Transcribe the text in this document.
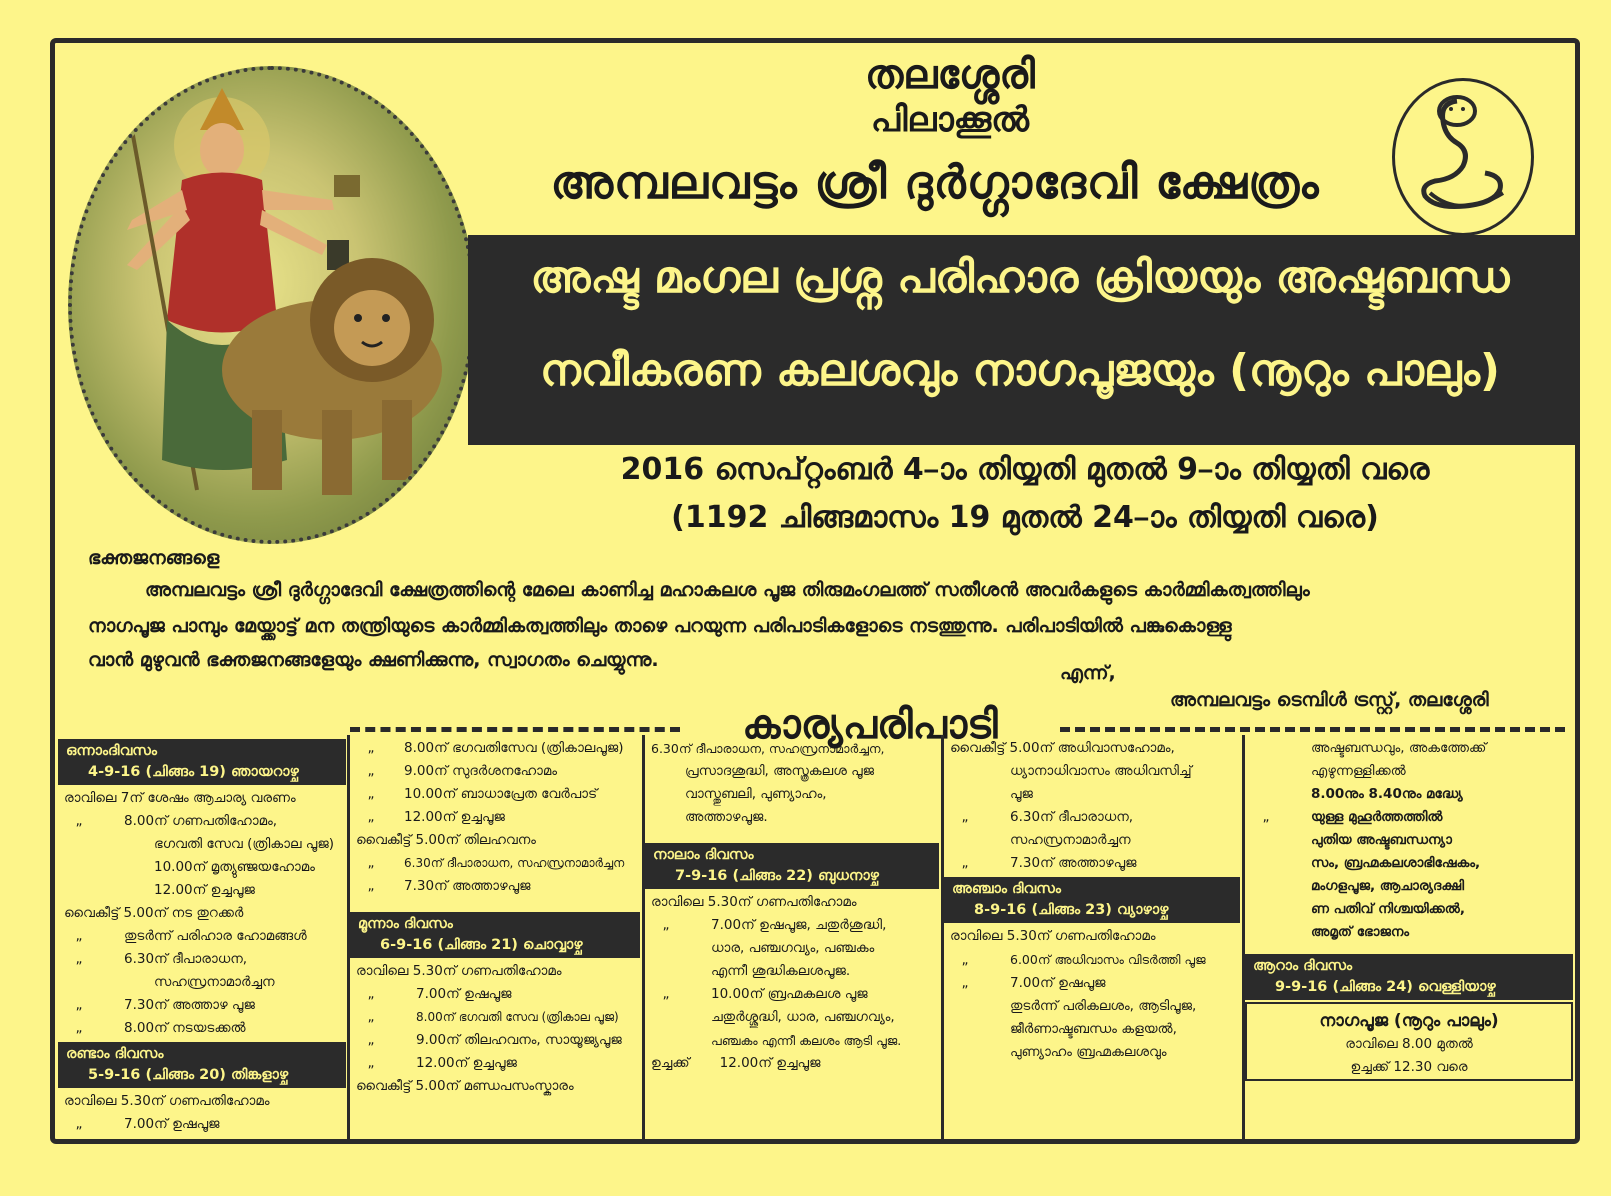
തലശ്ശേരി
പിലാക്കൂൽ
അമ്പലവട്ടം ശ്രീ ദുർഗ്ഗാദേവി ക്ഷേത്രം
അഷ്ട മംഗല പ്രശ്ന പരിഹാര ക്രിയയും അഷ്ടബന്ധ
നവീകരണ കലശവും നാഗപൂജയും (നൂറും പാലും)
2016 സെപ്റ്റംബർ 4–ാം തിയ്യതി മുതൽ 9–ാം തിയ്യതി വരെ
(1192 ചിങ്ങമാസം 19 മുതൽ 24–ാം തിയ്യതി വരെ)
ഭക്തജനങ്ങളെ
അമ്പലവട്ടം ശ്രീ ദുർഗ്ഗാദേവി ക്ഷേത്രത്തിന്റെ മേലെ കാണിച്ച മഹാകലശ പൂജ തിരുമംഗലത്ത് സതീശൻ അവർകളുടെ കാർമ്മികത്വത്തിലും
നാഗപൂജ പാമ്പും മേയ്ക്കാട്ട് മന തന്ത്രിയുടെ കാർമ്മികത്വത്തിലും താഴെ പറയുന്ന പരിപാടികളോടെ നടത്തുന്നു. പരിപാടിയിൽ പങ്കുകൊള്ളു
വാൻ മുഴുവൻ ഭക്തജനങ്ങളേയും ക്ഷണിക്കുന്നു, സ്വാഗതം ചെയ്യുന്നു.
എന്ന്,
അമ്പലവട്ടം ടെമ്പിൾ ട്രസ്റ്റ്, തലശ്ശേരി
കാര്യപരിപാടി
ഒന്നാംദിവസം
4-9-16 (ചിങ്ങം 19) ഞായറാഴ്ച
രാവിലെ 7ന് ശേഷം ആചാര്യ വരണം
„	8.00ന് ഗണപതിഹോമം,
ഭഗവതി സേവ (ത്രികാല പൂജ)
10.00ന് മൃത്യുഞ്ജയഹോമം
12.00ന് ഉച്ചപൂജ
വൈകീട്ട് 5.00ന് നട തുറക്കർ
„	തുടർന്ന് പരിഹാര ഹോമങ്ങൾ
„	6.30ന് ദീപാരാധന,
സഹസ്രനാമാർച്ചന
„	7.30ന് അത്താഴ പൂജ
„	8.00ന് നടയടക്കൽ
രണ്ടാം ദിവസം
5-9-16 (ചിങ്ങം 20) തിങ്കളാഴ്ച
രാവിലെ 5.30ന് ഗണപതിഹോമം
„	7.00ന് ഉഷപൂജ
„ 8.00ന് ഭഗവതിസേവ (ത്രികാലപൂജ)
„ 9.00ന് സുദർശനഹോമം
„ 10.00ന് ബാധാപ്രേത വേർപാട്
„ 12.00ന് ഉച്ചപൂജ
വൈകീട്ട് 5.00ന് തിലഹവനം
„ 6.30ന് ദീപാരാധന, സഹസ്രനാമാർച്ചന
„ 7.30ന് അത്താഴപൂജ
മൂന്നാം ദിവസം
6-9-16 (ചിങ്ങം 21) ചൊവ്വാഴ്ച
രാവിലെ 5.30ന് ഗണപതിഹോമം
„	7.00ന് ഉഷപൂജ
„	8.00ന് ഭഗവതി സേവ (ത്രികാല പൂജ)
„	9.00ന് തിലഹവനം, സായൂജ്യപൂജ
„	12.00ന് ഉച്ചപൂജ
വൈകീട്ട് 5.00ന് മണ്ഡപസംസ്കാരം
6.30ന് ദീപാരാധന, സഹസ്രനാമാർച്ചന,
പ്രസാദശുദ്ധി, അസ്ത്രകലശ പൂജ
വാസ്തുബലി, പുണ്യാഹം,
അത്താഴപൂജ.
നാലാം ദിവസം
7-9-16 (ചിങ്ങം 22) ബുധനാഴ്ച
രാവിലെ 5.30ന് ഗണപതിഹോമം
„	7.00ന് ഉഷപൂജ, ചതുർശുദ്ധി,
ധാര, പഞ്ചഗവ്യം, പഞ്ചകം
എന്നീ ശുദ്ധികലശപൂജ.
„	10.00ന് ബ്രഹ്മകലശ പൂജ
ചതുർശ്ശുദ്ധി, ധാര, പഞ്ചഗവ്യം,
പഞ്ചകം എന്നീ കലശം ആടി പൂജ.
ഉച്ചക്ക് 12.00ന് ഉച്ചപൂജ
വൈകീട്ട് 5.00ന് അധിവാസഹോമം,
ധ്യാനാധിവാസം അധിവസിച്ച്
പൂജ
„	6.30ന് ദീപാരാധന,
സഹസ്രനാമാർച്ചന
„	7.30ന് അത്താഴപൂജ
അഞ്ചാം ദിവസം
8-9-16 (ചിങ്ങം 23) വ്യാഴാഴ്ച
രാവിലെ 5.30ന് ഗണപതിഹോമം
„	6.00ന് അധിവാസം വിടർത്തി പൂജ
„	7.00ന് ഉഷപൂജ
തുടർന്ന് പരികലശം, ആടിപൂജ,
ജീർണാഷ്ടബന്ധം കളയൽ,
പുണ്യാഹം ബ്രഹ്മകലശവും
അഷ്ടബന്ധവും, അകത്തേക്ക്
എഴുന്നള്ളിക്കൽ
8.00നും 8.40നും മദ്ധ്യേ
„	യുള്ള മുഹൂർത്തത്തിൽ
പുതിയ അഷ്ടബന്ധന്യാ
സം, ബ്രഹ്മകലശാഭിഷേകം,
മംഗളപൂജ, ആചാര്യദക്ഷി
ണ പതിവ് നിശ്ചയിക്കൽ,
അമൃത് ഭോജനം
ആറാം ദിവസം
9-9-16 (ചിങ്ങം 24) വെള്ളിയാഴ്ച
നാഗപൂജ (നൂറും പാലും)
രാവിലെ 8.00 മുതൽ
ഉച്ചക്ക് 12.30 വരെ
